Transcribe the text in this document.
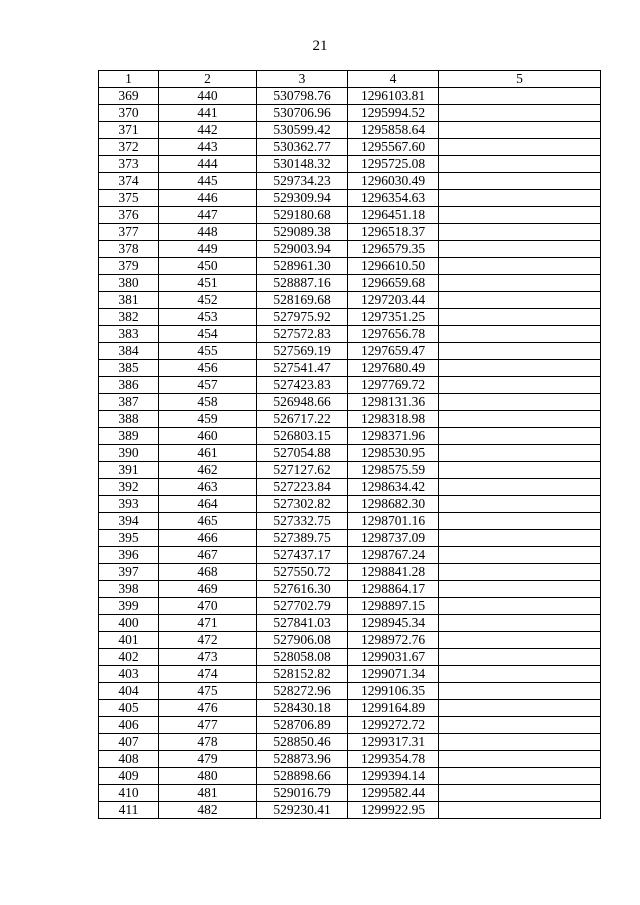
21
1	2	3	4	5
369	440	530798.76	1296103.81	
370	441	530706.96	1295994.52	
371	442	530599.42	1295858.64	
372	443	530362.77	1295567.60	
373	444	530148.32	1295725.08	
374	445	529734.23	1296030.49	
375	446	529309.94	1296354.63	
376	447	529180.68	1296451.18	
377	448	529089.38	1296518.37	
378	449	529003.94	1296579.35	
379	450	528961.30	1296610.50	
380	451	528887.16	1296659.68	
381	452	528169.68	1297203.44	
382	453	527975.92	1297351.25	
383	454	527572.83	1297656.78	
384	455	527569.19	1297659.47	
385	456	527541.47	1297680.49	
386	457	527423.83	1297769.72	
387	458	526948.66	1298131.36	
388	459	526717.22	1298318.98	
389	460	526803.15	1298371.96	
390	461	527054.88	1298530.95	
391	462	527127.62	1298575.59	
392	463	527223.84	1298634.42	
393	464	527302.82	1298682.30	
394	465	527332.75	1298701.16	
395	466	527389.75	1298737.09	
396	467	527437.17	1298767.24	
397	468	527550.72	1298841.28	
398	469	527616.30	1298864.17	
399	470	527702.79	1298897.15	
400	471	527841.03	1298945.34	
401	472	527906.08	1298972.76	
402	473	528058.08	1299031.67	
403	474	528152.82	1299071.34	
404	475	528272.96	1299106.35	
405	476	528430.18	1299164.89	
406	477	528706.89	1299272.72	
407	478	528850.46	1299317.31	
408	479	528873.96	1299354.78	
409	480	528898.66	1299394.14	
410	481	529016.79	1299582.44	
411	482	529230.41	1299922.95	
